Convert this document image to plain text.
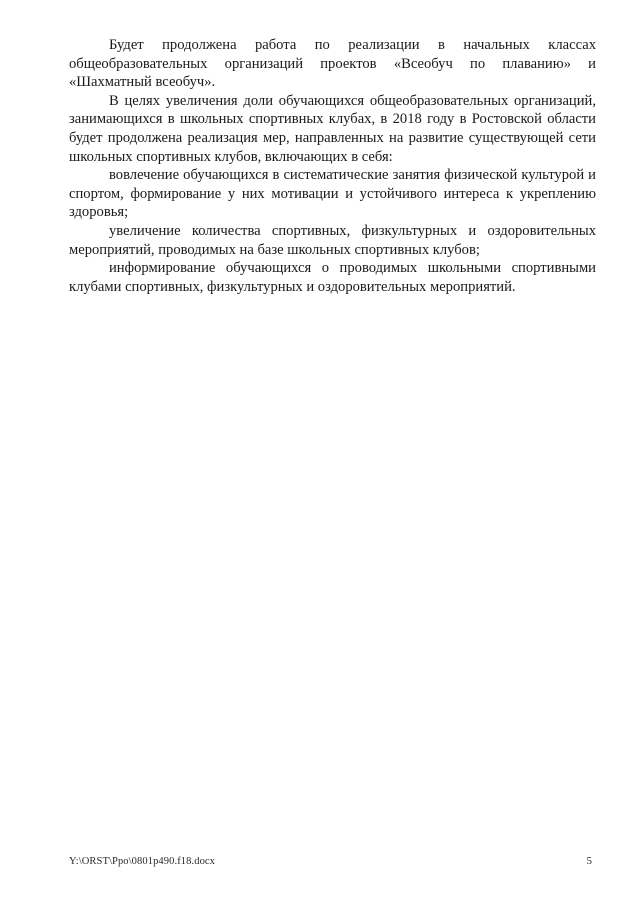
Будет продолжена работа по реализации в начальных классах общеобразовательных организаций проектов «Всеобуч по плаванию» и «Шахматный всеобуч».

В целях увеличения доли обучающихся общеобразовательных организаций, занимающихся в школьных спортивных клубах, в 2018 году в Ростовской области будет продолжена реализация мер, направленных на развитие существующей сети школьных спортивных клубов, включающих в себя:

вовлечение обучающихся в систематические занятия физической культурой и спортом, формирование у них мотивации и устойчивого интереса к укреплению здоровья;

увеличение количества спортивных, физкультурных и оздоровительных мероприятий, проводимых на базе школьных спортивных клубов;

информирование обучающихся о проводимых школьными спортивными клубами спортивных, физкультурных и оздоровительных мероприятий.

Y:\ORST\Ppo\0801p490.f18.docx	5
